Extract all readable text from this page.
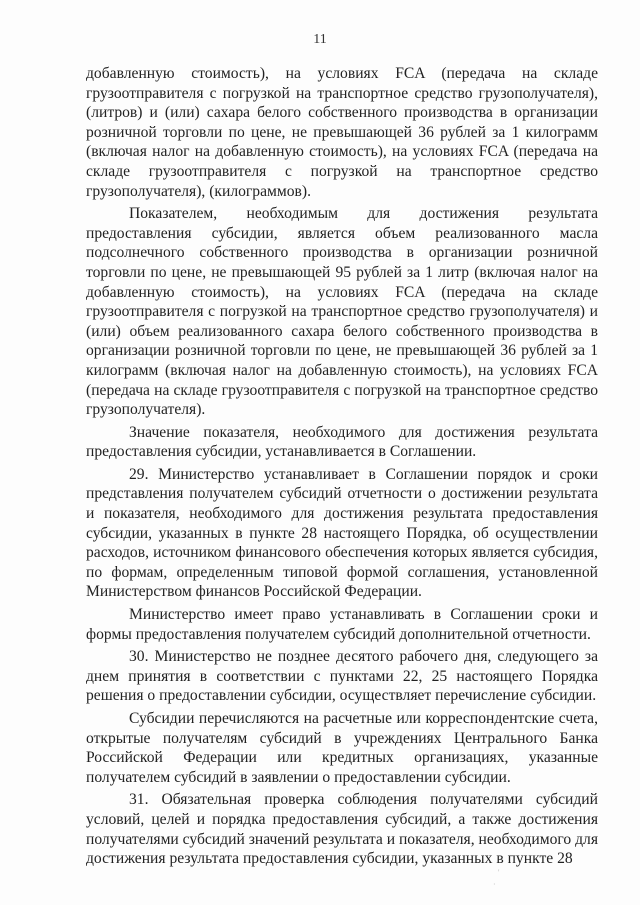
11

добавленную стоимость), на условиях FCA (передача на складе грузоотправителя с погрузкой на транспортное средство грузополучателя), (литров) и (или) сахара белого собственного производства в организации розничной торговли по цене, не превышающей 36 рублей за 1 килограмм (включая налог на добавленную стоимость), на условиях FCA (передача на складе грузоотправителя с погрузкой на транспортное средство грузополучателя), (килограммов).

Показателем, необходимым для достижения результата предоставления субсидии, является объем реализованного масла подсолнечного собственного производства в организации розничной торговли по цене, не превышающей 95 рублей за 1 литр (включая налог на добавленную стоимость), на условиях FCA (передача на складе грузоотправителя с погрузкой на транспортное средство грузополучателя) и (или) объем реализованного сахара белого собственного производства в организации розничной торговли по цене, не превышающей 36 рублей за 1 килограмм (включая налог на добавленную стоимость), на условиях FCA (передача на складе грузоотправителя с погрузкой на транспортное средство грузополучателя).

Значение показателя, необходимого для достижения результата предоставления субсидии, устанавливается в Соглашении.

29. Министерство устанавливает в Соглашении порядок и сроки представления получателем субсидий отчетности о достижении результата и показателя, необходимого для достижения результата предоставления субсидии, указанных в пункте 28 настоящего Порядка, об осуществлении расходов, источником финансового обеспечения которых является субсидия, по формам, определенным типовой формой соглашения, установленной Министерством финансов Российской Федерации.

Министерство имеет право устанавливать в Соглашении сроки и формы предоставления получателем субсидий дополнительной отчетности.

30. Министерство не позднее десятого рабочего дня, следующего за днем принятия в соответствии с пунктами 22, 25 настоящего Порядка решения о предоставлении субсидии, осуществляет перечисление субсидии.

Субсидии перечисляются на расчетные или корреспондентские счета, открытые получателям субсидий в учреждениях Центрального Банка Российской Федерации или кредитных организациях, указанные получателем субсидий в заявлении о предоставлении субсидии.

31. Обязательная проверка соблюдения получателями субсидий условий, целей и порядка предоставления субсидий, а также достижения получателями субсидий значений результата и показателя, необходимого для достижения результата предоставления субсидии, указанных в пункте 28

·
'
